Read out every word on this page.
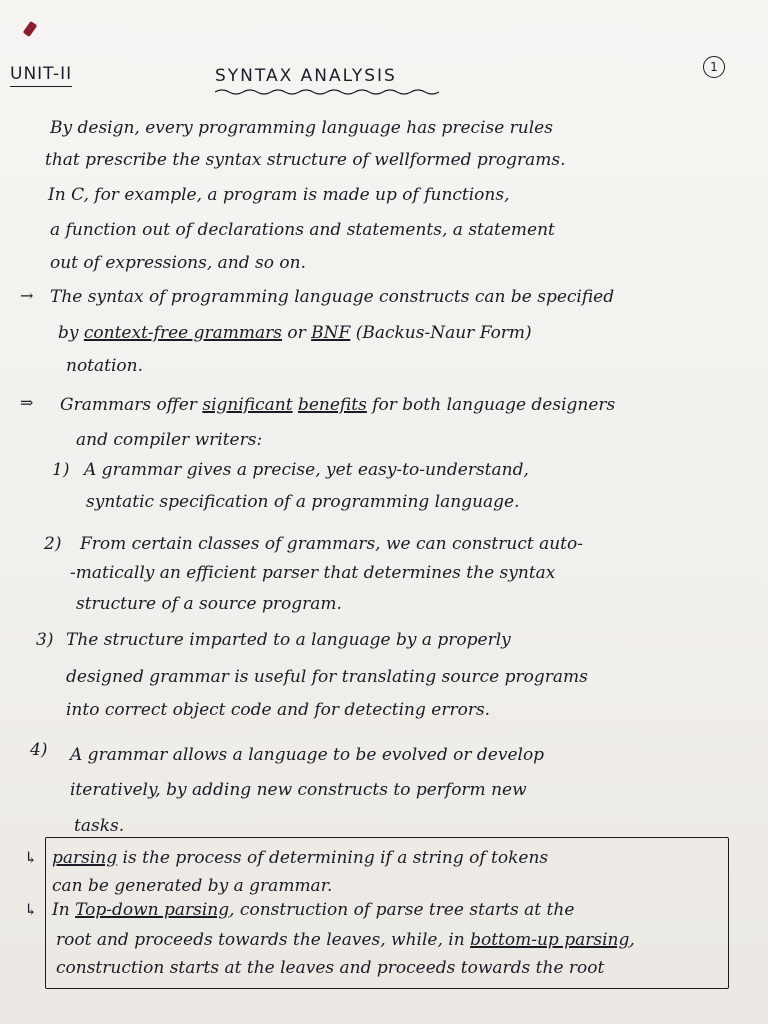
UNIT-II	SYNTAX ANALYSIS	1
By design, every programming language has precise rules
that prescribe the syntax structure of wellformed programs.
In C, for example, a program is made up of functions,
a function out of declarations and statements, a statement
out of expressions, and so on.
→ The syntax of programming language constructs can be specified
by context-free grammars or BNF (Backus-Naur Form)
notation.
⇒ Grammars offer significant benefits for both language designers
and compiler writers:
1) A grammar gives a precise, yet easy-to-understand,
syntatic specification of a programming language.
2) From certain classes of grammars, we can construct auto-
-matically an efficient parser that determines the syntax
structure of a source program.
3) The structure imparted to a language by a properly
designed grammar is useful for translating source programs
into correct object code and for detecting errors.
4) A grammar allows a language to be evolved or develop
iteratively, by adding new constructs to perform new
tasks.
↳ parsing is the process of determining if a string of tokens
can be generated by a grammar.
↳ In Top-down parsing, construction of parse tree starts at the
root and proceeds towards the leaves, while, in bottom-up parsing,
construction starts at the leaves and proceeds towards the root
